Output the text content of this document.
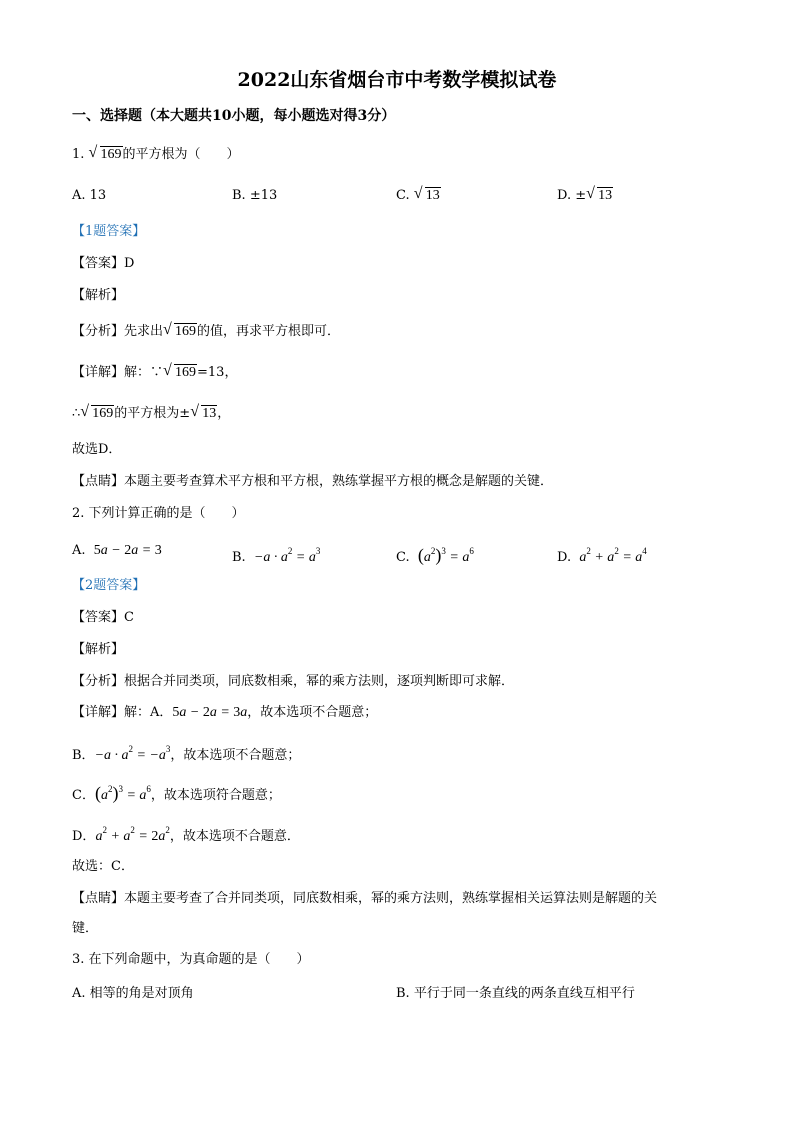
2022山东省烟台市中考数学模拟试卷
一、选择题（本大题共10小题，每小题选对得3分）
1. √ 169的平方根为（　　）
A. 13	B. ±13	C. √ 13	D. ± √ 13
【1题答案】
【答案】D
【解析】
【分析】先求出 √ 169的值，再求平方根即可．
【详解】解：∵ √ 169=13，
∴ √ 169的平方根为± √ 13，
故选D．
【点睛】本题主要考查算术平方根和平方根，熟练掌握平方根的概念是解题的关键．
2. 下列计算正确的是（　　）
A. 5a − 2a = 3	B. $-a \cdot a^2 = a^3$	C. $(a^2)^3 = a^6$	D. $a^2 + a^2 = a^4$
【2题答案】
【答案】C
【解析】
【分析】根据合并同类项，同底数相乘，幂的乘方法则，逐项判断即可求解．
【详解】解：A．5a − 2a = 3a，故本选项不合题意；
B．$-a \cdot a^2 = -a^3$，故本选项不合题意；
C．$(a^2)^3 = a^6$，故本选项符合题意；
D．$a^2 + a^2 = 2a^2$，故本选项不合题意．
故选：C．
【点睛】本题主要考查了合并同类项，同底数相乘，幂的乘方法则，熟练掌握相关运算法则是解题的关
键．
3. 在下列命题中，为真命题的是（　　）
A. 相等的角是对顶角	B. 平行于同一条直线的两条直线互相平行
